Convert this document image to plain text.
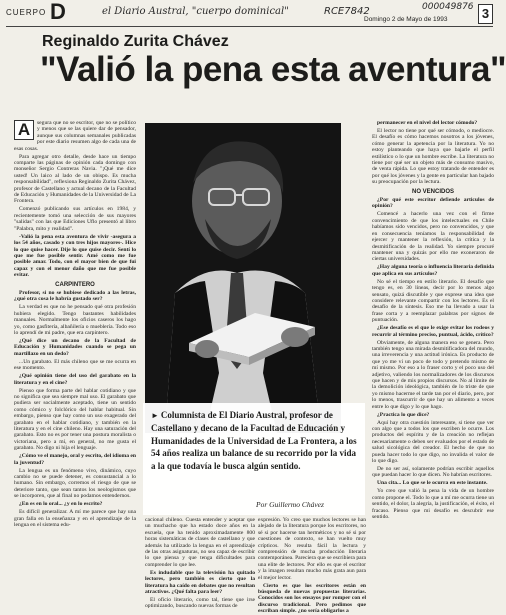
CUERPO D	el Diario Austral, "cuerpo dominical"	RCE7842	000049876
Domingo 2 de Mayo de 1993	3
Reginaldo Zurita Chávez
"Valió la pena esta aventura"
A	segura que no se escritor, que no se político y menos que se las quiere dar de pensador, aunque sus columnas semanales publicadas por este diario resumen algo de cada una de esas cosas.

Para agregar otro detalle, desde hace un tiempo comparte las páginas de opinión cada domingo con monseñor Sergio Contreras Navia. "¡Qué me dice usted! Un laico al lado de un obispo. Es mucha responsabilidad", reflexiona Reginaldo Zurita Chávez, profesor de Castellano y actual decano de la Facultad de Educación y Humanidades de la Universidad de La Frontera.

Comenzó publicando sus artículos en 1984, y recientemente tomó una selección de sus mayores "salidas" con las que Ediciones Uflo presentó al libro "Palabra, mito y realidad".

-Valió la pena esta aventura de vivir -asegura a los 54 años, casado y con tres hijos mayores-. Hice lo que quise hacer. Dije lo que quise decir. Sentí lo que me fue posible sentir. Amé como me fue posible amar. Todo, con el mayor bien de que fui capaz y con el menor daño que me fue posible evitar.

CARPINTERO

Profesor, si no se hubiese dedicado a las letras, ¿qué otra cosa le habría gustado ser?

La verdad es que no he pensado qué otra profesión hubiera elegido. Tengo bastantes habilidades manuales. Normalmente los oficios caseros los hago yo, como gasfitería, albañilería o mueblería. Todo eso lo aprendí de mi padre, que era carpintero.

¿Qué dice un decano de la Facultad de Educación y Humanidades cuando se pega un martillazo en un dedo?

...Un garabato. El más chileno que se me ocurra en ese momento.

¿Qué opinión tiene del uso del garabato en la literatura y en el cine?

Pienso que forma parte del hablar cotidiano y que no significa que sea siempre mal uso. El garabato que pudiera ser socialmente aceptado, tiene un sentido como cómico y folclórico del hablar habitual. Sin embargo, pienso que hay como un uso exagerado del garabato en el hablar cotidiano, y también en la literatura y en el cine chileno. Hay una saturación del garabato. Esto no es por tener una postura moralista o victoriana, pero a mí, en general, no me gusta el garabato. No digo ni hija el lenguaje.

¿Cómo ve el manejo, oral y escrito, del idioma en la juventud?

La lengua es un fenómeno vivo, dinámico, cuyo cambio no se puede detener, es consustancial a lo humano. Sin embargo, corremos el riesgo de que se deteriore tanto, que sean tantos los neologismos que se incorporen, que al final no podamos entendernos.

¿En es en lo oral... ¿y en lo escrito?

Es difícil generalizar. A mí me parece que hay una gran falla en la enseñanza y en el aprendizaje de la lengua en el sistema edu-

► Columnista de El Diario Austral, profesor de Castellano y decano de la Facultad de Educación y Humanidades de la Universidad de La Frontera, a los 54 años realiza un balance de su recorrido por la vida a la que todavía le busca algún sentido.
Por Guillermo Chávez

cacional chileno. Cuesta entender y aceptar que un muchacho que ha estado doce años en la escuela, que ha tenido aproximadamente 800 horas sistemáticas de clases de castellano y que además ha utilizado la lengua en el aprendizaje de las otras asignaturas, no sea capaz de escribir lo que piensa y que tenga dificultades para comprender lo que lee.

Es indudable que la televisión ha quitado lectores, pero también es cierto que la literatura ha caído en debates que no resultan atractivos. ¿Qué falta para leer?

El oficio literario, como tal, tiene que irse optimizando, buscando nuevas formas de

expresión. Yo creo que muchos lectores se han alejado de la literatura porque los escritores, no sé si por hacerse tan herméticos y no sé si por cuestiones de contexto, se han vuelto muy crípticos. No resulta fácil la lectura y comprensión de mucha producción literaria contemporánea. Pareciera que se escribiera para una elite de lectores. Por ello es que el escritor y la imagen resultan mucho más grata aun para el mejor lector.

Cierto es que los escritores están en búsqueda de nuevas propuestas literarias. Conocidos son los ensayos por romper con el discurso tradicional. Pero pedimos que escriban simple. ¿no sería obligarlos a

permanecer en el nivel del lector cómodo?

El lector no tiene por qué ser cómodo, o mediocre. El desafío es cómo hacemos nosotros a los jóvenes, cómo generar la apetencia por la literatura. Yo no estoy planteando que haya que bajarle el perfil estilístico o lo que un hombre escribe. La literatura no tiene por qué ser un objeto más de consumo masivo, de venta rápida. Lo que estoy tratando de entender es por qué los jóvenes y la gente en particular han bajado su preocupación por la lectura.

NO VENCIDOS

¿Por qué este escritor defiende articulos de opinión?

Comencé a hacerlo una vez con el firme convencimiento de que los intelectuales en Chile habíamos sido vencidos, pero no convencidos, y que en consecuencia teníamos la responsabilidad de ejercer y mantener la reflexión, la crítica y la desmitificación de la realidad. Yo siempre procuré mantener una y quizás por ello me exoneraron de ciertas universidades.

¿Hay alguna teoría o influencia literaria definida que aplica en sus artículos?

No sé el tiempo en estilo literario. El desafío que tengo es, en 30 líneas, decir por lo menos algo sensato, quizá discutible y que exprese una idea que considere relevante compartir con los lectores. Es el desafío de la síntesis. Eso me ha llevado a usar la frase corta y a reemplazar palabras por signos de puntuación.

¿Ese desafío es el que le exige evitar los rodeos y recurrir al término preciso, puntual, ácido, crítico?

Obviamente, de alguna manera eso se genera. Pero también tengo una mirada desmitificadora del mundo, una irreverencia y una actitud irónica. Es producto de que yo me vi un poco de todo y pretendo mismo de mí mismo. Por eso a lo fraser corto y el poco uso del adjetivo, valiendo los normalizadores de los discursos que hacen y de mis propios discursos. No al límite de la demolición ideológica, también de lo triste de que yo mismo hacerme el tarde tan por el diario, pero, por lo menos, trascurrir de que hay un alimento a veces entre lo que digo y lo que hago.

¿Practica lo que dice?

Aquí hay otra cuestión interesante, si tiene que ver con algo que a todos los que escriben le ocurre. Los productos del espíritu y de la creación no reflejan necesariamente o deben ser evaluados por el estado de salud sicológica del creador. El hecho de que no pueda hacer todo lo que digo, no invalida el valor de lo que digo.

De no ser así, solamente podrían escribir aquellos que puedan hacer lo que dicen. No habrían escritores.

Una cita... Lo que se le ocurra en este instante.

Yo creo que valió la pena la vida de un hombre como propone el. Todo lo que a mí me ocurra tiene un sentido, el dolor, la alegría, la justificación, el éxito, el fracaso. Pienso que mi desafío es descubrir ese sentido.
